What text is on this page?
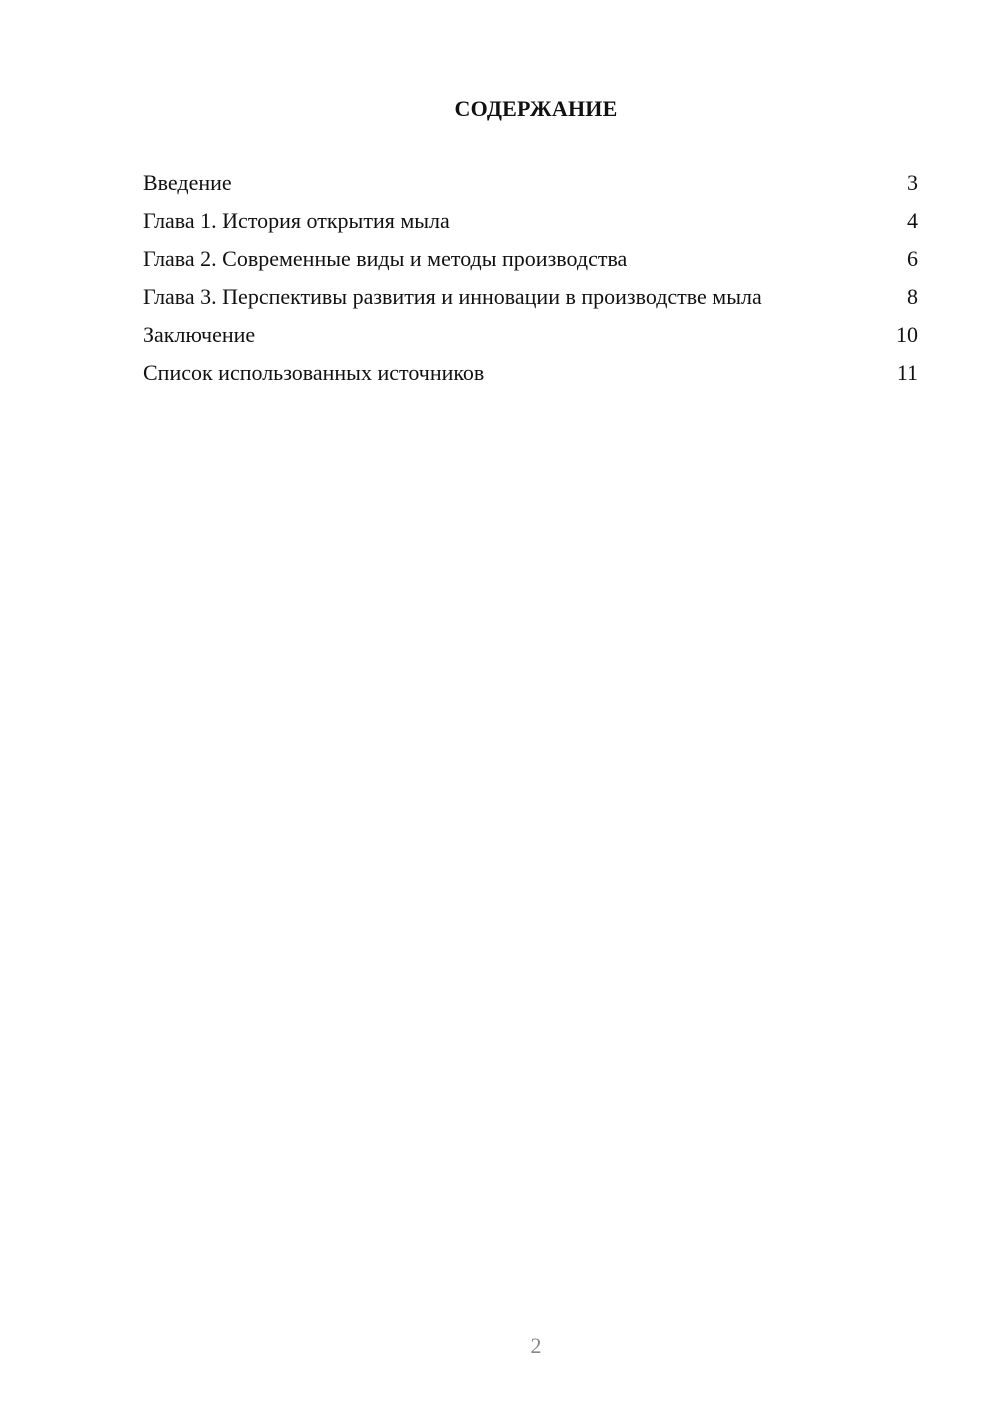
СОДЕРЖАНИЕ
Введение	3
Глава 1. История открытия мыла	4
Глава 2. Современные виды и методы производства	6
Глава 3. Перспективы развития и инновации в производстве мыла	8
Заключение	10
Список использованных источников	11
2
